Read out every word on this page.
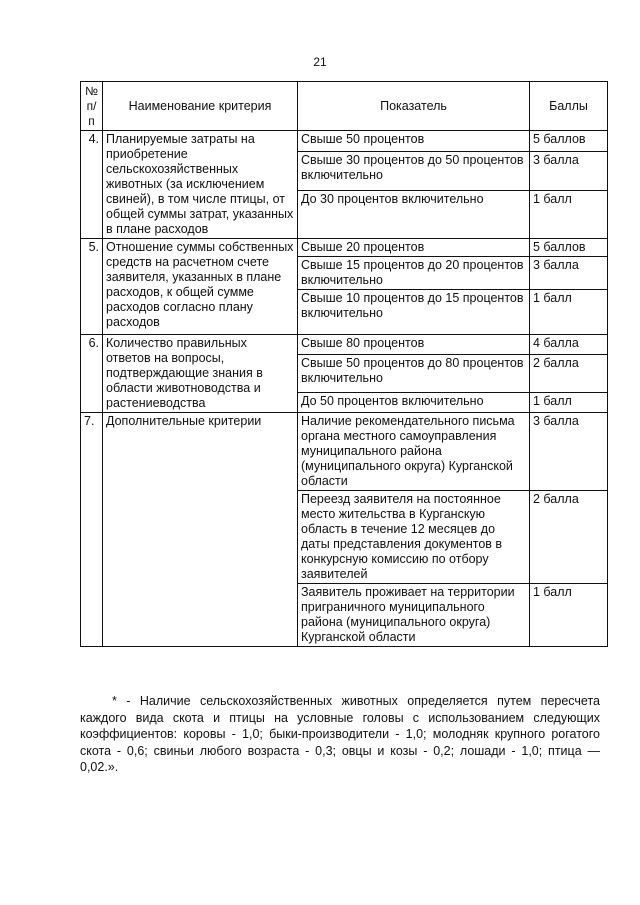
21
№
п/п	Наименование критерия	Показатель	Баллы
4.	Планируемые затраты на приобретение сельскохозяйственных животных (за исключением свиней), в том числе птицы, от общей суммы затрат, указанных в плане расходов	Свыше 50 процентов	5 баллов
		Свыше 30 процентов до 50 процентов включительно	3 балла
		До 30 процентов включительно	1 балл
5.	Отношение суммы собственных средств на расчетном счете заявителя, указанных в плане расходов, к общей сумме расходов согласно плану расходов	Свыше 20 процентов	5 баллов
		Свыше 15 процентов до 20 процентов включительно	3 балла
		Свыше 10 процентов до 15 процентов включительно	1 балл
6.	Количество правильных ответов на вопросы, подтверждающие знания в области животноводства и растениеводства	Свыше 80 процентов	4 балла
		Свыше 50 процентов до 80 процентов включительно	2 балла
		До 50 процентов включительно	1 балл
7.	Дополнительные критерии	Наличие рекомендательного письма органа местного самоуправления муниципального района (муниципального округа) Курганской области	3 балла
		Переезд заявителя на постоянное место жительства в Курганскую область в течение 12 месяцев до даты представления документов в конкурсную комиссию по отбору заявителей	2 балла
		Заявитель проживает на территории приграничного муниципального района (муниципального округа) Курганской области	1 балл

* - Наличие сельскохозяйственных животных определяется путем пересчета каждого вида скота и птицы на условные головы с использованием следующих коэффициентов: коровы - 1,0; быки-производители - 1,0; молодняк крупного рогатого скота - 0,6; свиньи любого возраста - 0,3; овцы и козы - 0,2; лошади - 1,0; птица — 0,02.».
